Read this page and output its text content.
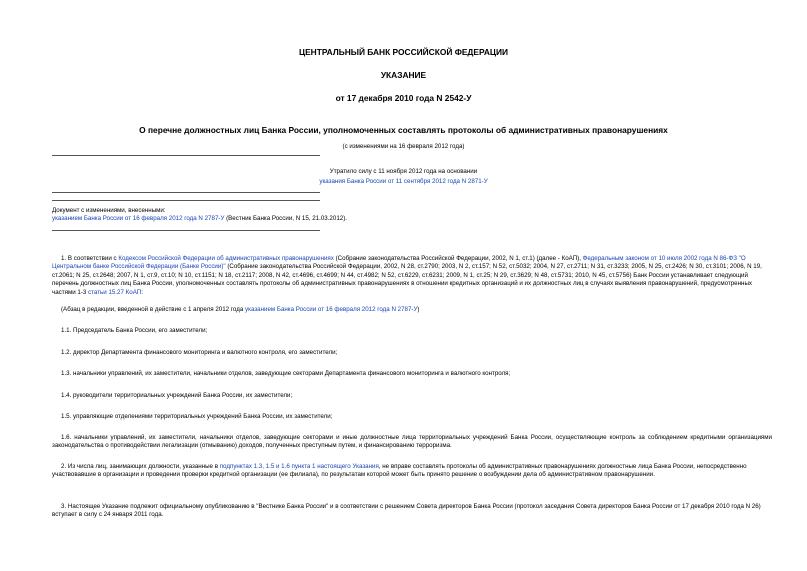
ЦЕНТРАЛЬНЫЙ БАНК РОССИЙСКОЙ ФЕДЕРАЦИИ
УКАЗАНИЕ
от 17 декабря 2010 года N 2542-У
О перечне должностных лиц Банка России, уполномоченных составлять протоколы об административных правонарушениях
(с изменениями на 16 февраля 2012 года)
Утратило силу с 11 ноября 2012 года на основании
указания Банка России от 11 сентября 2012 года N 2871-У
Документ с изменениями, внесенными:
указанием Банка России от 16 февраля 2012 года N 2787-У (Вестник Банка России, N 15, 21.03.2012).
1. В соответствии с Кодексом Российской Федерации об административных правонарушениях (Собрание законодательства Российской Федерации, 2002, N 1, ст.1) (далее - КоАП), Федеральным законом от 10 июля 2002 года N 86-ФЗ "О Центральном банке Российской Федерации (Банке России)" (Собрание законодательства Российской Федерации, 2002, N 28, ст.2790; 2003, N 2, ст.157; N 52, ст.5032; 2004, N 27, ст.2711; N 31, ст.3233; 2005, N 25, ст.2426; N 30, ст.3101; 2006, N 19, ст.2061; N 25, ст.2648; 2007, N 1, ст.9, ст.10; N 10, ст.1151; N 18, ст.2117; 2008, N 42, ст.4696, ст.4699; N 44, ст.4982; N 52, ст.6229, ст.6231; 2009, N 1, ст.25; N 29, ст.3629; N 48, ст.5731; 2010, N 45, ст.5756) Банк России устанавливает следующий перечень должностных лиц Банка России, уполномоченных составлять протоколы об административных правонарушениях в отношении кредитных организаций и их должностных лиц в случаях выявления правонарушений, предусмотренных частями 1-3 статьи 15.27 КоАП:
(Абзац в редакции, введенной в действие с 1 апреля 2012 года указанием Банка России от 16 февраля 2012 года N 2787-У)
1.1. Председатель Банка России, его заместители;
1.2. директор Департамента финансового мониторинга и валютного контроля, его заместители;
1.3. начальники управлений, их заместители, начальники отделов, заведующие секторами Департамента финансового мониторинга и валютного контроля;
1.4. руководители территориальных учреждений Банка России, их заместители;
1.5. управляющие отделениями территориальных учреждений Банка России, их заместители;
1.6. начальники управлений, их заместители, начальники отделов, заведующие секторами и иные должностные лица территориальных учреждений Банка России, осуществляющие контроль за соблюдением кредитными организациями законодательства о противодействии легализации (отмыванию) доходов, полученных преступным путем, и финансированию терроризма.
2. Из числа лиц, занимающих должности, указанные в подпунктах 1.3, 1.5 и 1.6 пункта 1 настоящего Указания, не вправе составлять протоколы об административных правонарушениях должностные лица Банка России, непосредственно участвовавшие в организации и проведении проверки кредитной организации (ее филиала), по результатам которой может быть принято решение о возбуждении дела об административном правонарушении.
3. Настоящее Указание подлежит официальному опубликованию в "Вестнике Банка России" и в соответствии с решением Совета директоров Банка России (протокол заседания Совета директоров Банка России от 17 декабря 2010 года N 26) вступает в силу с 24 января 2011 года.
